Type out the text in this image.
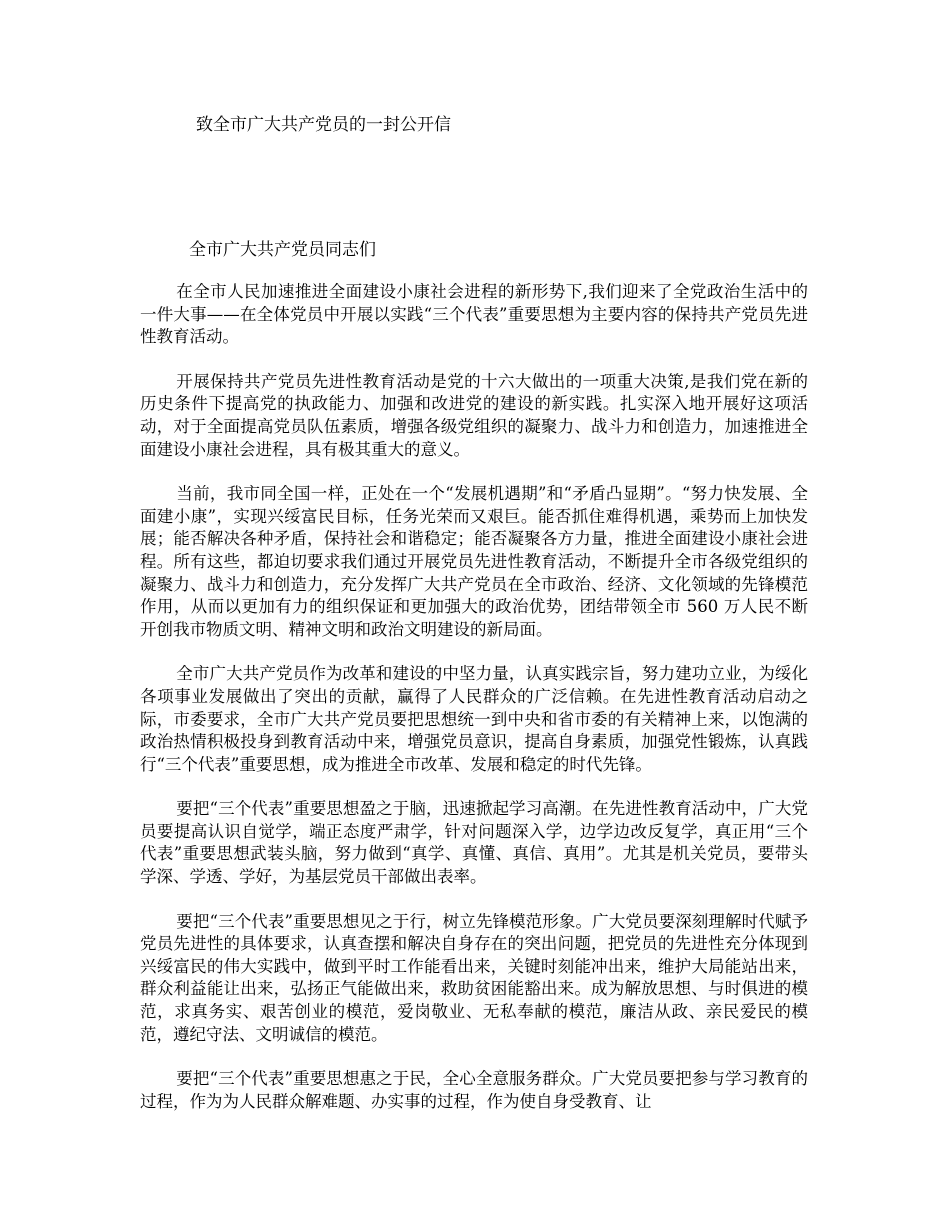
致全市广大共产党员的一封公开信

全市广大共产党员同志们

在全市人民加速推进全面建设小康社会进程的新形势下,我们迎来了全党政治生活中的一件大事——在全体党员中开展以实践“三个代表”重要思想为主要内容的保持共产党员先进性教育活动。

开展保持共产党员先进性教育活动是党的十六大做出的一项重大决策,是我们党在新的历史条件下提高党的执政能力、加强和改进党的建设的新实践。扎实深入地开展好这项活动，对于全面提高党员队伍素质，增强各级党组织的凝聚力、战斗力和创造力，加速推进全面建设小康社会进程，具有极其重大的意义。

当前，我市同全国一样，正处在一个“发展机遇期”和“矛盾凸显期”。“努力快发展、全面建小康”，实现兴绥富民目标，任务光荣而又艰巨。能否抓住难得机遇，乘势而上加快发展；能否解决各种矛盾，保持社会和谐稳定；能否凝聚各方力量，推进全面建设小康社会进程。所有这些，都迫切要求我们通过开展党员先进性教育活动，不断提升全市各级党组织的凝聚力、战斗力和创造力，充分发挥广大共产党员在全市政治、经济、文化领域的先锋模范作用，从而以更加有力的组织保证和更加强大的政治优势，团结带领全市 560 万人民不断开创我市物质文明、精神文明和政治文明建设的新局面。

全市广大共产党员作为改革和建设的中坚力量，认真实践宗旨，努力建功立业，为绥化各项事业发展做出了突出的贡献，赢得了人民群众的广泛信赖。在先进性教育活动启动之际，市委要求，全市广大共产党员要把思想统一到中央和省市委的有关精神上来，以饱满的政治热情积极投身到教育活动中来，增强党员意识，提高自身素质，加强党性锻炼，认真践行“三个代表”重要思想，成为推进全市改革、发展和稳定的时代先锋。

要把“三个代表”重要思想盈之于脑，迅速掀起学习高潮。在先进性教育活动中，广大党员要提高认识自觉学，端正态度严肃学，针对问题深入学，边学边改反复学，真正用“三个代表”重要思想武装头脑，努力做到“真学、真懂、真信、真用”。尤其是机关党员，要带头学深、学透、学好，为基层党员干部做出表率。

要把“三个代表”重要思想见之于行，树立先锋模范形象。广大党员要深刻理解时代赋予党员先进性的具体要求，认真查摆和解决自身存在的突出问题，把党员的先进性充分体现到兴绥富民的伟大实践中，做到平时工作能看出来，关键时刻能冲出来，维护大局能站出来，群众利益能让出来，弘扬正气能做出来，救助贫困能豁出来。成为解放思想、与时俱进的模范，求真务实、艰苦创业的模范，爱岗敬业、无私奉献的模范，廉洁从政、亲民爱民的模范，遵纪守法、文明诚信的模范。

要把“三个代表”重要思想惠之于民，全心全意服务群众。广大党员要把参与学习教育的过程，作为为人民群众解难题、办实事的过程，作为使自身受教育、让
